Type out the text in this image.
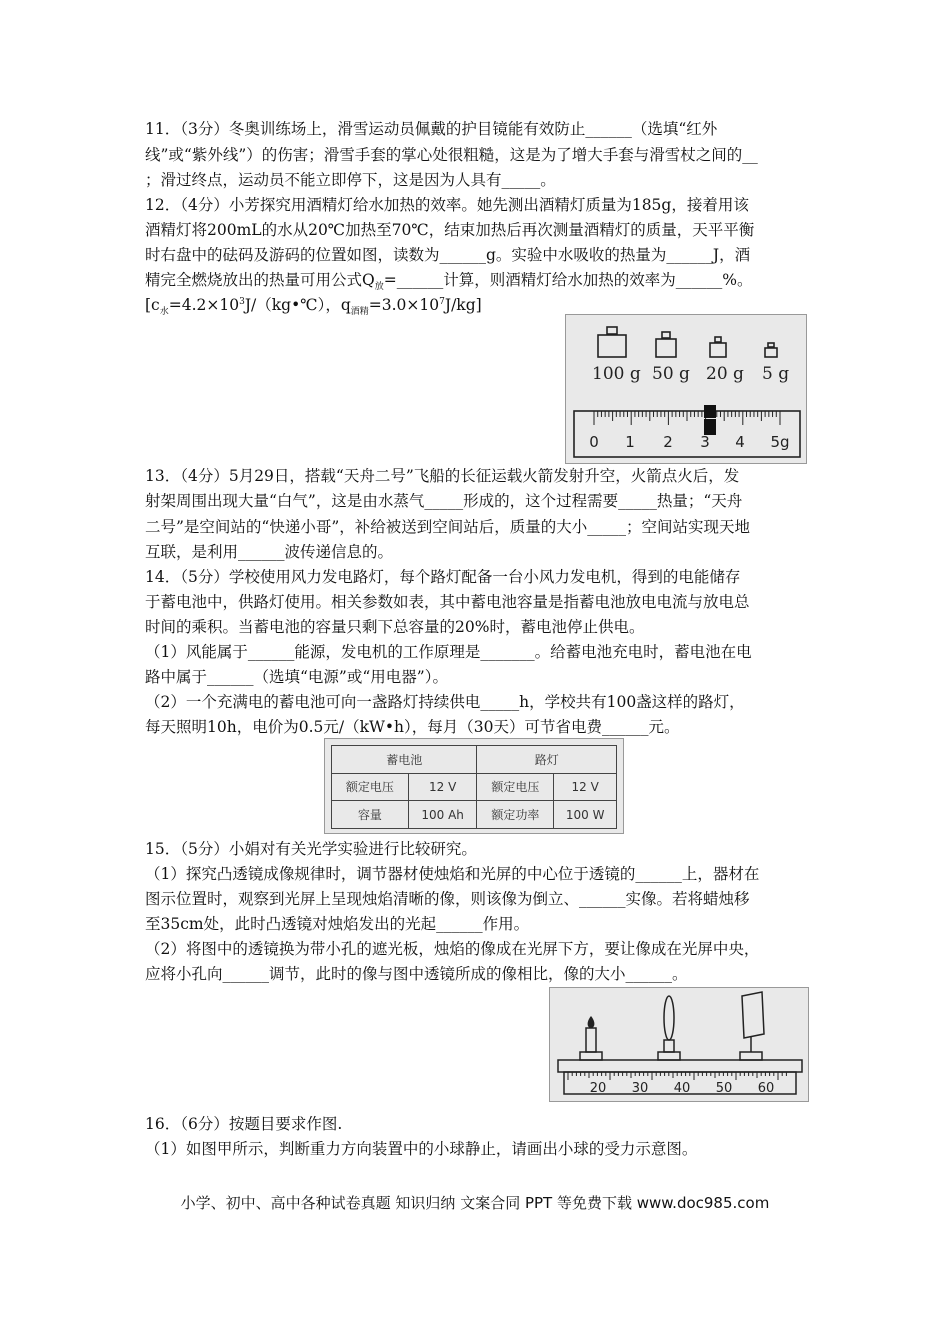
11．（3分）冬奥训练场上，滑雪运动员佩戴的护目镜能有效防止______（选填“红外
线”或“紫外线”）的伤害；滑雪手套的掌心处很粗糙，这是为了增大手套与滑雪杖之间的__
；滑过终点，运动员不能立即停下，这是因为人具有_____。
12．（4分）小芳探究用酒精灯给水加热的效率。她先测出酒精灯质量为185g，接着用该
酒精灯将200mL的水从20℃加热至70℃，结束加热后再次测量酒精灯的质量，天平平衡
时右盘中的砝码及游码的位置如图，读数为______g。实验中水吸收的热量为______J，酒
精完全燃烧放出的热量可用公式$Q_放=\_\_\_\_\_\_$计算，则酒精灯给水加热的效率为______%。
[$c_水=4.2\times 10^3J/(kg•℃)$，$q_{酒精}=3.0\times 10^7J/kg$]
100 g 50 g 20 g 5 g
0 1 2 3 4 5g
13．（4分）5月29日，搭载“天舟二号”飞船的长征运载火箭发射升空，火箭点火后，发
射架周围出现大量“白气”，这是由水蒸气_____形成的，这个过程需要_____热量；“天舟
二号”是空间站的“快递小哥”，补给被送到空间站后，质量的大小_____；空间站实现天地
互联，是利用______波传递信息的。
14．（5分）学校使用风力发电路灯，每个路灯配备一台小风力发电机，得到的电能储存
于蓄电池中，供路灯使用。相关参数如表，其中蓄电池容量是指蓄电池放电电流与放电总
时间的乘积。当蓄电池的容量只剩下总容量的20%时，蓄电池停止供电。
（1）风能属于______能源，发电机的工作原理是_______。给蓄电池充电时，蓄电池在电
路中属于______（选填“电源”或“用电器”）。
（2）一个充满电的蓄电池可向一盏路灯持续供电_____h，学校共有100盏这样的路灯，
每天照明10h，电价为0.5元/（kW•h），每月（30天）可节省电费______元。
蓄电池		路灯	
额定电压	12 V	额定电压	12 V
容量	100 Ah	额定功率	100 W
15．（5分）小娟对有关光学实验进行比较研究。
（1）探究凸透镜成像规律时，调节器材使烛焰和光屏的中心位于透镜的______上，器材在
图示位置时，观察到光屏上呈现烛焰清晰的像，则该像为倒立、______实像。若将蜡烛移
至35cm处，此时凸透镜对烛焰发出的光起______作用。
（2）将图中的透镜换为带小孔的遮光板，烛焰的像成在光屏下方，要让像成在光屏中央，
应将小孔向______调节，此时的像与图中透镜所成的像相比，像的大小______。
20 30 40 50 60
16．（6分）按题目要求作图.
（1）如图甲所示，判断重力方向装置中的小球静止，请画出小球的受力示意图。
小学、初中、高中各种试卷真题 知识归纳 文案合同 PPT 等免费下载 www.doc985.com
